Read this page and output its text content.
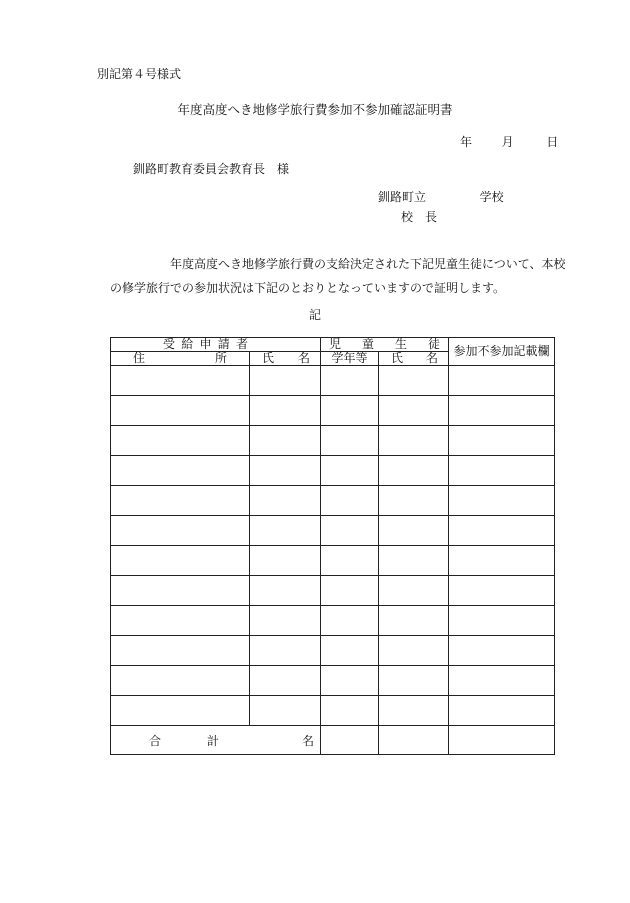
別記第４号様式
年度高度へき地修学旅行費参加不参加確認証明書
年 月	日
釧路町教育委員会教育長　様
釧路町立	学校
校　長
年度高度へき地修学旅行費の支給決定された下記児童生徒について、本校の修学旅行での参加状況は下記のとおりとなっていますので証明します。
記
受 給 申 請 者		児 童 生 徒		参加不参加記載欄

住 所	氏 名	学年等	氏 名	

合 計 名				
